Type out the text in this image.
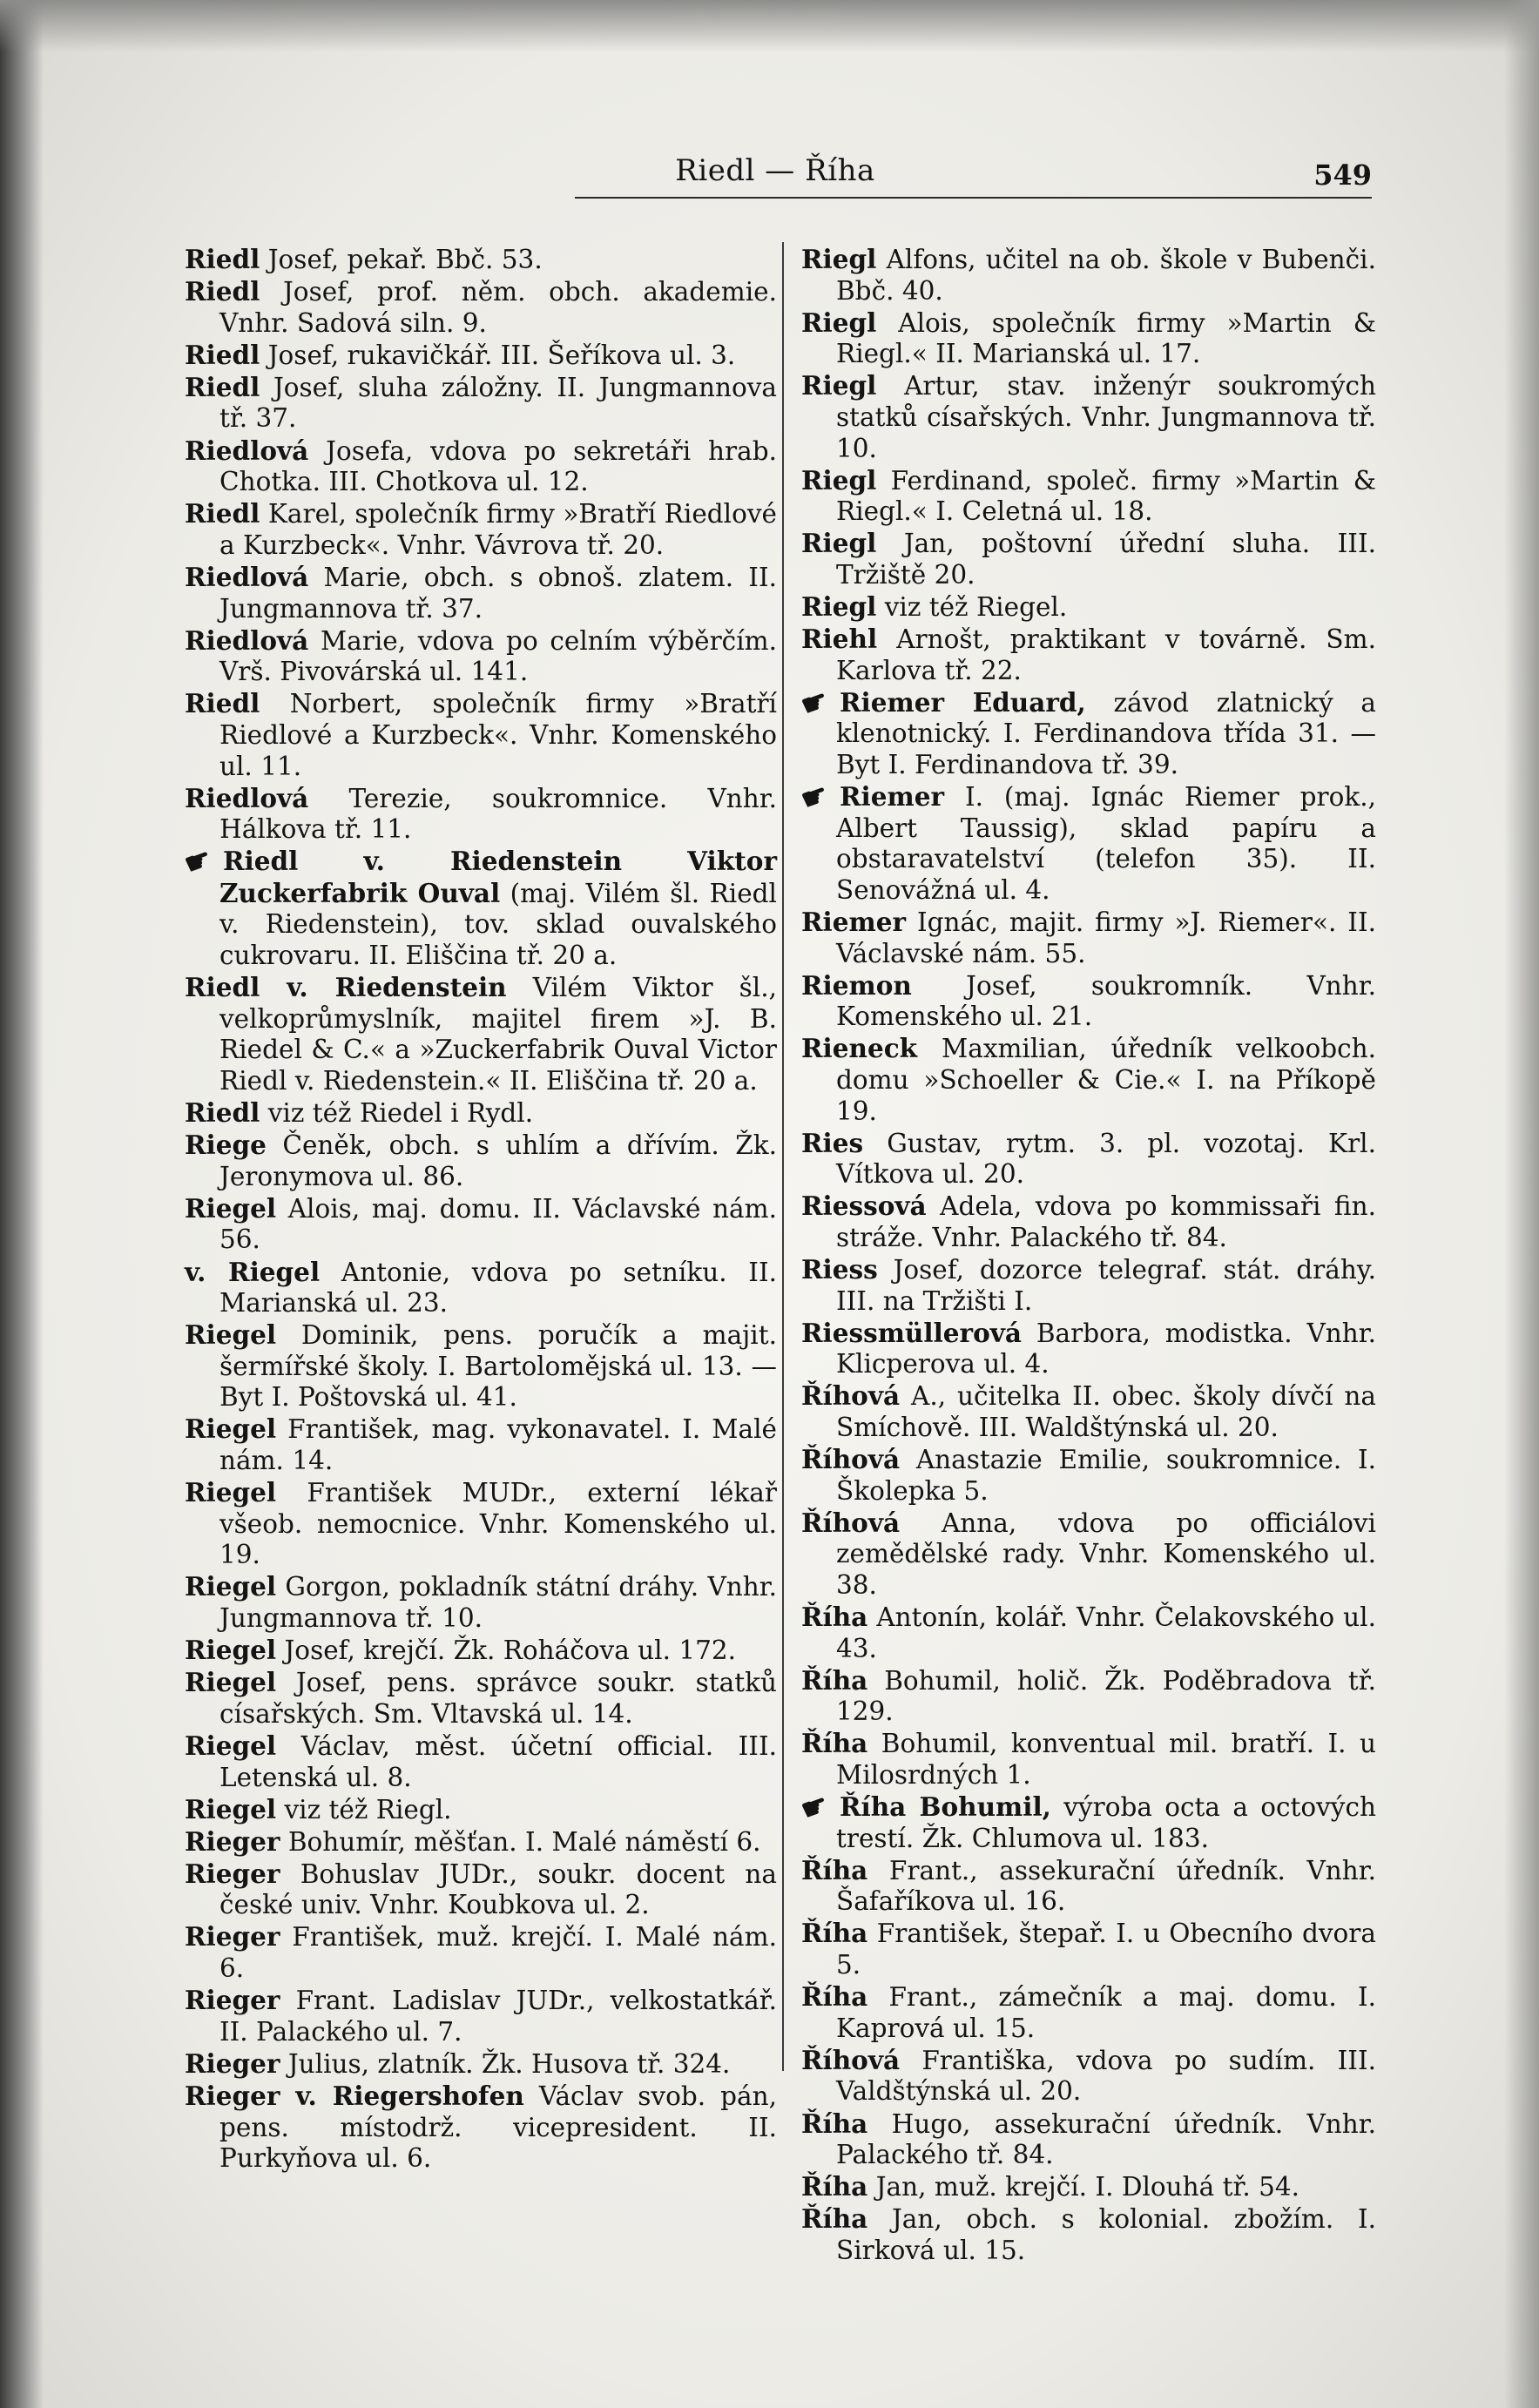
Riedl — Říha	549
Riedl Josef, pekař. Bbč. 53.
Riedl Josef, prof. něm. obch. akademie. Vnhr. Sadová siln. 9.
Riedl Josef, rukavičkář. III. Šeříkova ul. 3.
Riedl Josef, sluha záložny. II. Jungmannova tř. 37.
Riedlová Josefa, vdova po sekretáři hrab. Chotka. III. Chotkova ul. 12.
Riedl Karel, společník firmy »Bratří Riedlové a Kurzbeck«. Vnhr. Vávrova tř. 20.
Riedlová Marie, obch. s obnoš. zlatem. II. Jungmannova tř. 37.
Riedlová Marie, vdova po celním výběrčím. Vrš. Pivovárská ul. 141.
Riedl Norbert, společník firmy »Bratří Riedlové a Kurzbeck«. Vnhr. Komenského ul. 11.
Riedlová Terezie, soukromnice. Vnhr. Hálkova tř. 11.
☛ Riedl v. Riedenstein Viktor Zuckerfabrik Ouval (maj. Vilém šl. Riedl v. Riedenstein), tov. sklad ouvalského cukrovaru. II. Eliščina tř. 20 a.
Riedl v. Riedenstein Vilém Viktor šl., velkoprůmyslník, majitel firem »J. B. Riedel & C.« a »Zuckerfabrik Ouval Victor Riedl v. Riedenstein.« II. Eliščina tř. 20 a.
Riedl viz též Riedel i Rydl.
Riege Čeněk, obch. s uhlím a dřívím. Žk. Jeronymova ul. 86.
Riegel Alois, maj. domu. II. Václavské nám. 56.
v. Riegel Antonie, vdova po setníku. II. Marianská ul. 23.
Riegel Dominik, pens. poručík a majit. šermířské školy. I. Bartolomějská ul. 13. — Byt I. Poštovská ul. 41.
Riegel František, mag. vykonavatel. I. Malé nám. 14.
Riegel František MUDr., externí lékař všeob. nemocnice. Vnhr. Komenského ul. 19.
Riegel Gorgon, pokladník státní dráhy. Vnhr. Jungmannova tř. 10.
Riegel Josef, krejčí. Žk. Roháčova ul. 172.
Riegel Josef, pens. správce soukr. statků císařských. Sm. Vltavská ul. 14.
Riegel Václav, měst. účetní official. III. Letenská ul. 8.
Riegel viz též Riegl.
Rieger Bohumír, měšťan. I. Malé náměstí 6.
Rieger Bohuslav JUDr., soukr. docent na české univ. Vnhr. Koubkova ul. 2.
Rieger František, muž. krejčí. I. Malé nám. 6.
Rieger Frant. Ladislav JUDr., velkostatkář. II. Palackého ul. 7.
Rieger Julius, zlatník. Žk. Husova tř. 324.
Rieger v. Riegershofen Václav svob. pán, pens. místodrž. vicepresident. II. Purkyňova ul. 6.
Riegl Alfons, učitel na ob. škole v Bubenči. Bbč. 40.
Riegl Alois, společník firmy »Martin & Riegl.« II. Marianská ul. 17.
Riegl Artur, stav. inženýr soukromých statků císařských. Vnhr. Jungmannova tř. 10.
Riegl Ferdinand, společ. firmy »Martin & Riegl.« I. Celetná ul. 18.
Riegl Jan, poštovní úřední sluha. III. Tržiště 20.
Riegl viz též Riegel.
Riehl Arnošt, praktikant v továrně. Sm. Karlova tř. 22.
☛ Riemer Eduard, závod zlatnický a klenotnický. I. Ferdinandova třída 31. — Byt I. Ferdinandova tř. 39.
☛ Riemer I. (maj. Ignác Riemer prok., Albert Taussig), sklad papíru a obstaravatelství (telefon 35). II. Senovážná ul. 4.
Riemer Ignác, majit. firmy »J. Riemer«. II. Václavské nám. 55.
Riemon Josef, soukromník. Vnhr. Komenského ul. 21.
Rieneck Maxmilian, úředník velkoobch. domu »Schoeller & Cie.« I. na Příkopě 19.
Ries Gustav, rytm. 3. pl. vozotaj. Krl. Vítkova ul. 20.
Riessová Adela, vdova po kommissaři fin. stráže. Vnhr. Palackého tř. 84.
Riess Josef, dozorce telegraf. stát. dráhy. III. na Tržišti I.
Riessmüllerová Barbora, modistka. Vnhr. Klicperova ul. 4.
Říhová A., učitelka II. obec. školy dívčí na Smíchově. III. Waldštýnská ul. 20.
Říhová Anastazie Emilie, soukromnice. I. Školepka 5.
Říhová Anna, vdova po officiálovi zemědělské rady. Vnhr. Komenského ul. 38.
Říha Antonín, kolář. Vnhr. Čelakovského ul. 43.
Říha Bohumil, holič. Žk. Poděbradova tř. 129.
Říha Bohumil, konventual mil. bratří. I. u Milosrdných 1.
☛ Říha Bohumil, výroba octa a octových trestí. Žk. Chlumova ul. 183.
Říha Frant., assekurační úředník. Vnhr. Šafaříkova ul. 16.
Říha František, štepař. I. u Obecního dvora 5.
Říha Frant., zámečník a maj. domu. I. Kaprová ul. 15.
Říhová Františka, vdova po sudím. III. Valdštýnská ul. 20.
Říha Hugo, assekurační úředník. Vnhr. Palackého tř. 84.
Říha Jan, muž. krejčí. I. Dlouhá tř. 54.
Říha Jan, obch. s kolonial. zbožím. I. Sirková ul. 15.
